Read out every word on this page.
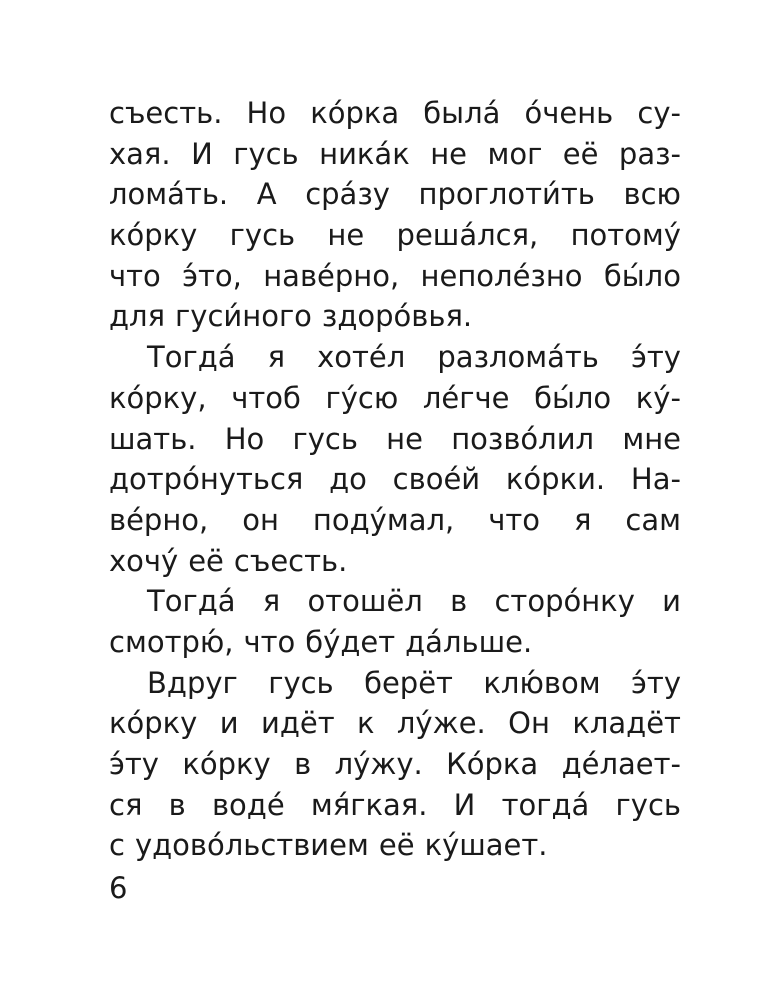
съесть. Но ко́рка была́ о́чень су-
хая. И гусь ника́к не мог её раз-
лома́ть. А сра́зу проглоти́ть всю
ко́рку гусь не реша́лся, потому́
что э́то, наве́рно, неполе́зно бы́ло
для гуси́ного здоро́вья.
Тогда́ я хоте́л разлома́ть э́ту
ко́рку, чтоб гу́сю ле́гче бы́ло ку́-
шать. Но гусь не позво́лил мне
дотро́нуться до свое́й ко́рки. На-
ве́рно, он поду́мал, что я сам
хочу́ её съесть.
Тогда́ я отошёл в сторо́нку и
смотрю́, что бу́дет да́льше.
Вдруг гусь берёт клю́вом э́ту
ко́рку и идёт к лу́же. Он кладёт
э́ту ко́рку в лу́жу. Ко́рка де́лает-
ся в воде́ мя́гкая. И тогда́ гусь
с удово́льствием её ку́шает.
6
